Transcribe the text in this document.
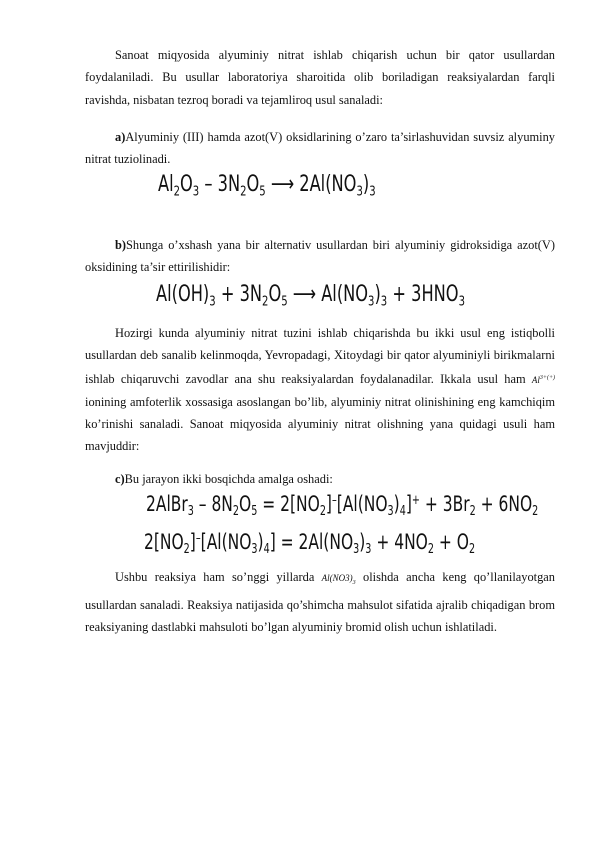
Sanoat miqyosida alyuminiy nitrat ishlab chiqarish uchun bir qator usullardan foydalaniladi. Bu usullar laboratoriya sharoitida olib boriladigan reaksiyalardan farqli ravishda, nisbatan tezroq boradi va tejamliroq usul sanaladi:

a)Alyuminiy (III) hamda azot(V) oksidlarining o’zaro ta’sirlashuvidan suvsiz alyuminy nitrat tuziolinadi.

$Al_2O_3 - 3N_2O_5$ ⟶ $2Al(NO_3)_3$

b)Shunga o’xshash yana bir alternativ usullardan biri alyuminiy gidroksidiga azot(V) oksidining ta’sir ettirilishidir:

$Al(OH)_3 + 3N_2O_5$ ⟶ $Al(NO_3)_3 + 3HNO_3$

Hozirgi kunda alyuminiy nitrat tuzini ishlab chiqarishda bu ikki usul eng istiqbolli usullardan deb sanalib kelinmoqda, Yevropadagi, Xitoydagi bir qator alyuminiyli birikmalarni ishlab chiqaruvchi zavodlar ana shu reaksiyalardan foydalanadilar. Ikkala usul ham $Al^{3+(+)}$ ionining amfoterlik xossasiga asoslangan bo’lib, alyuminiy nitrat olinishining eng kamchiqim ko’rinishi sanaladi. Sanoat miqyosida alyuminiy nitrat olishning yana quidagi usuli ham mavjuddir:

c)Bu jarayon ikki bosqichda amalga oshadi:

2AlBr$_3$ – $8N_2O_5 = 2[NO_2]^-[Al(NO_3)_4]^+ + 3Br_2 + 6NO_2$
$2[NO_2]^-[Al(NO_3)_4] = 2Al(NO_3)_3 + 4NO_2 + O_2$

Ushbu reaksiya ham so’nggi yillarda $Al(NO3)_3$ olishda ancha keng qo’llanilayotgan usullardan sanaladi. Reaksiya natijasida qo’shimcha mahsulot sifatida ajralib chiqadigan brom reaksiyaning dastlabki mahsuloti bo’lgan alyuminiy bromid olish uchun ishlatiladi.
